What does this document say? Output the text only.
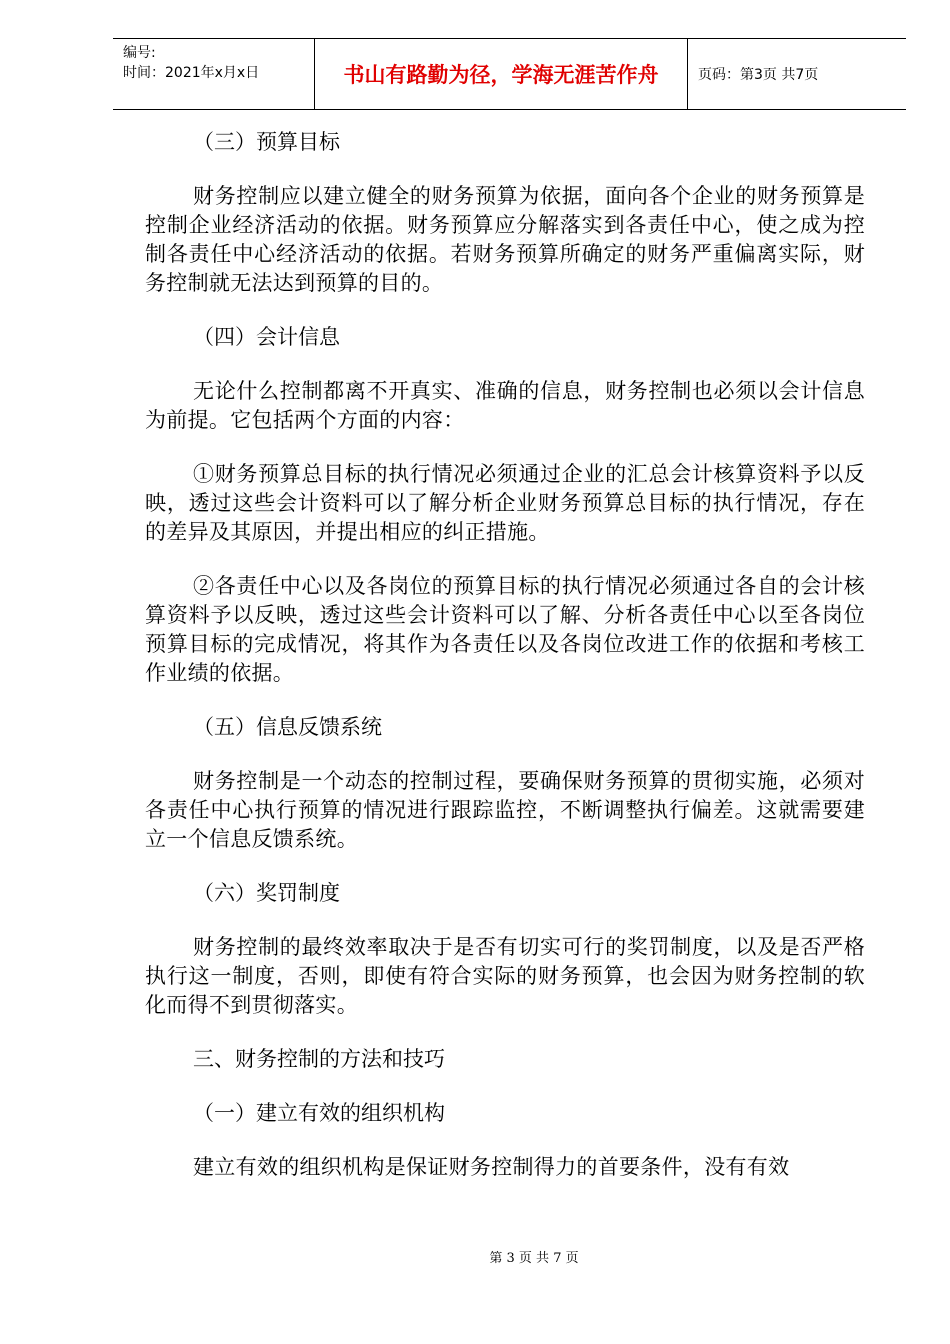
编号:
时间：2021年x月x日	书山有路勤为径，学海无涯苦作舟	页码：第3页 共7页
（三）预算目标
财务控制应以建立健全的财务预算为依据，面向各个企业的财务预算是控制企业经济活动的依据。财务预算应分解落实到各责任中心，使之成为控制各责任中心经济活动的依据。若财务预算所确定的财务严重偏离实际，财务控制就无法达到预算的目的。
（四）会计信息
无论什么控制都离不开真实、准确的信息，财务控制也必须以会计信息为前提。它包括两个方面的内容：
①财务预算总目标的执行情况必须通过企业的汇总会计核算资料予以反映，透过这些会计资料可以了解分析企业财务预算总目标的执行情况，存在的差异及其原因，并提出相应的纠正措施。
②各责任中心以及各岗位的预算目标的执行情况必须通过各自的会计核算资料予以反映，透过这些会计资料可以了解、分析各责任中心以至各岗位预算目标的完成情况，将其作为各责任以及各岗位改进工作的依据和考核工作业绩的依据。
（五）信息反馈系统
财务控制是一个动态的控制过程，要确保财务预算的贯彻实施，必须对各责任中心执行预算的情况进行跟踪监控，不断调整执行偏差。这就需要建立一个信息反馈系统。
（六）奖罚制度
财务控制的最终效率取决于是否有切实可行的奖罚制度，以及是否严格执行这一制度，否则，即使有符合实际的财务预算，也会因为财务控制的软化而得不到贯彻落实。
三、财务控制的方法和技巧
（一）建立有效的组织机构
建立有效的组织机构是保证财务控制得力的首要条件，没有有效
第 3 页 共 7 页
